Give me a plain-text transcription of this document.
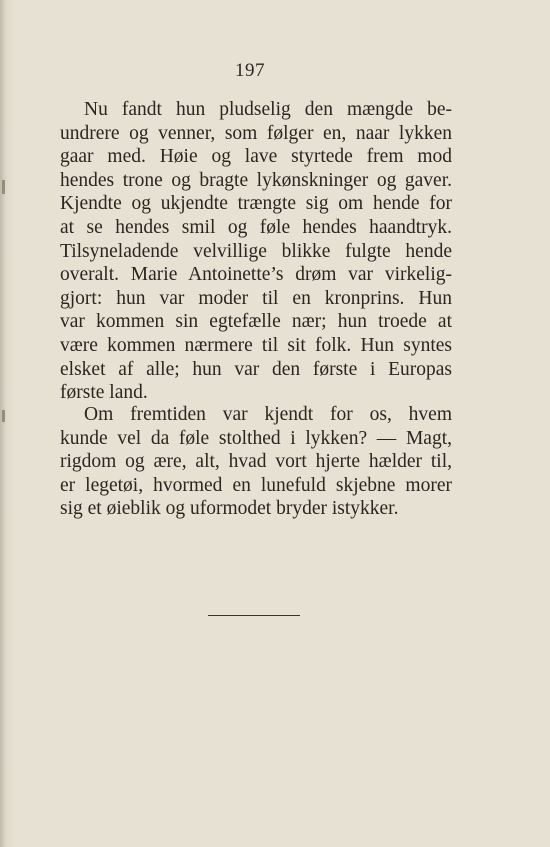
197
Nu fandt hun pludselig den mængde be-
undrere og venner, som følger en, naar lykken
gaar med. Høie og lave styrtede frem mod
hendes trone og bragte lykønskninger og gaver.
Kjendte og ukjendte trængte sig om hende for
at se hendes smil og føle hendes haandtryk.
Tilsyneladende velvillige blikke fulgte hende
overalt. Marie Antoinette’s drøm var virkelig-
gjort: hun var moder til en kronprins. Hun
var kommen sin egtefælle nær; hun troede at
være kommen nærmere til sit folk. Hun syntes
elsket af alle; hun var den første i Europas
første land.
Om fremtiden var kjendt for os, hvem
kunde vel da føle stolthed i lykken? — Magt,
rigdom og ære, alt, hvad vort hjerte hælder til,
er legetøi, hvormed en lunefuld skjebne morer
sig et øieblik og uformodet bryder istykker.
